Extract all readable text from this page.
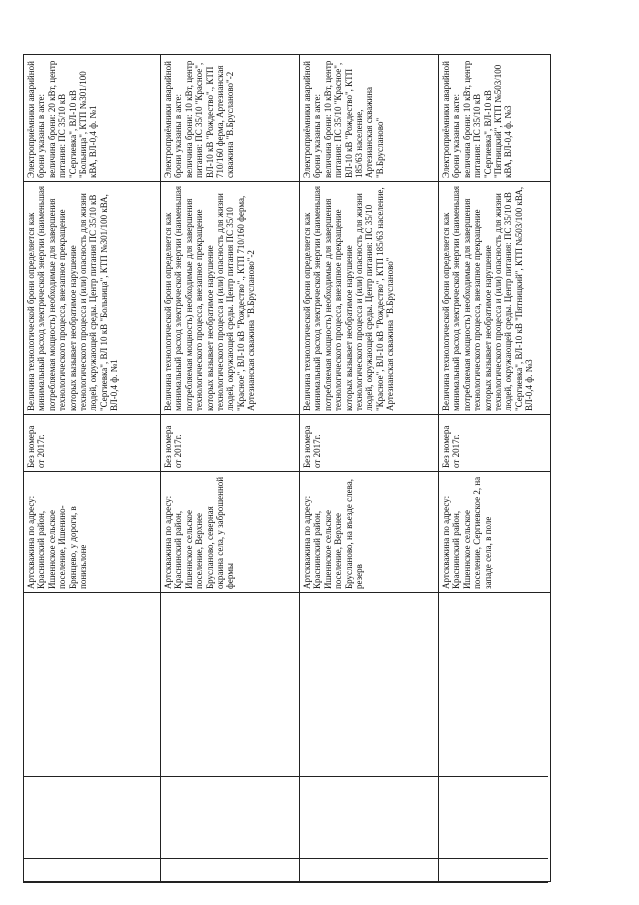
	Артскважина по адресу: Краснинский район, Ишеннское сельское поселение, Ишенино-Брянцево, у дороги, в понизьлоне	Без номера от 2017г.	Величина технологической брони определяется как минимальный расход электрической энергии (наименьшая потребляемая мощность) необходимые для завершения технологического процесса, внезапное прекращение которых вызывает необратимое нарушение технологического процесса и (или) опасность для жизни людей, окружающей среды. Центр питания ПС 35/10 кВ "Сергиевка", ВЛ 10 кВ "Больница", КТП №301/100 кВА, ВЛ-0,4 ф. №1	Электроприёмники аварийной брони указаны в акте: величина брони: 20 кВт, центр питания: ПС 35/10 кВ "Сергиевка", ВЛ-10 кВ "Больница", КТП №301/100 кВА, ВЛ-0,4 ф. №1
	Артскважина по адресу: Краснинский район, Ишеннское сельское поселение, Верхнее Брусланово, северная окраина села, у заброшенной фермы	Без номера от 2017г.	Величина технологической брони определяется как минимальный расход электрической энергии (наименьшая потребляемая мощность) необходимые для завершения технологического процесса, внезапное прекращение которых вызывает необратимое нарушение технологического процесса и (или) опасность для жизни людей, окружающей среды. Центр питания ПС 35/10 "Красное", ВЛ-10 кВ "Рождество"., КТП 710/160 ферма, Артезианская скважина "В.Брусланово"-2	Электроприёмники аварийной брони указаны в акте: величина брони: 10 кВт, центр питания: ПС 35/10 "Красное", ВЛ-10 кВ "Рождество"., КТП 710/160 ферма, Артезианская скважина "В.Брусланово"-2
	Артскважина по адресу: Краснинский район, Ишеннское сельское поселение, Верхнее Брусланово, на въезде слева, резерв	Без номера от 2017г.	Величина технологической брони определяется как минимальный расход электрической энергии (наименьшая потребляемая мощность) необходимые для завершения технологического процесса, внезапное прекращение которых вызывает необратимое нарушение технологического процесса и (или) опасность для жизни людей, окружающей среды. Центр питания: ПС 35/10 "Красное", ВЛ-10 кВ "Рождество", КТП 185/63 население, Артезианская скважина "В.Брусланово"	Электроприёмники аварийной брони указаны в акте: величина брони: 10 кВт, центр питания: ПС 35/10 "Красное", ВЛ-10 кВ "Рождество", КТП 185/63 население, Артезианская скважина "В.Брусланово"
	Артскважина по адресу: Краснинский район, Ишеннское сельское поселение, Сергиевское 2, на западе села, в поле	Без номера от 2017г.	Величина технологической брони определяется как минимальный расход электрической энергии (наименьшая потребляемая мощность) необходимые для завершения технологического процесса, внезапное прекращение которых вызывает необратимое нарушение технологического процесса и (или) опасность для жизни людей, окружающей среды. Центр питания: ПС 35/10 кВ "Сергиевка", ВЛ-10 кВ "Пятницкий", КТП №503/100 кВА, ВЛ-0,4 ф. №3	Электроприёмники аварийной брони указаны в акте: величина брони: 10 кВт, центр питания: ПС 35/10 кВ "Сергиевка", ВЛ-10 кВ "Пятницкий", КТП №503/100 кВА, ВЛ-0,4 ф. №3
